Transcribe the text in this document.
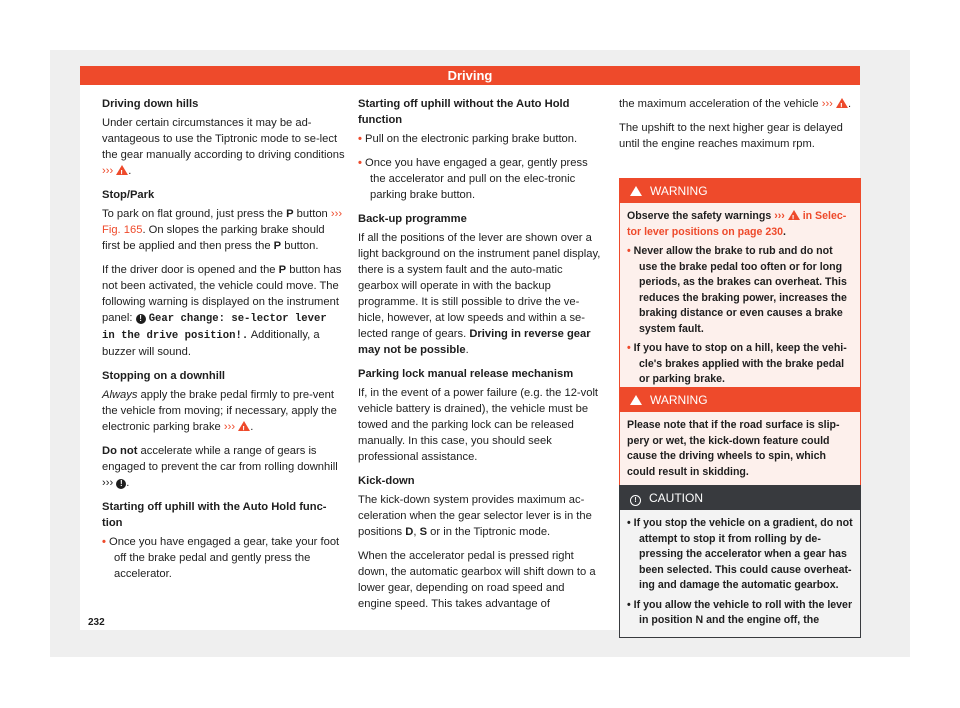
Driving

Driving down hills

Under certain circumstances it may be ad-vantageous to use the Tiptronic mode to se-lect the gear manually according to driving conditions ››› ! .

Stop/Park

To park on flat ground, just press the P button ››› Fig. 165. On slopes the parking brake should first be applied and then press the P button.

If the driver door is opened and the P button has not been activated, the vehicle could move. The following warning is displayed on the instrument panel: ! Gear change: se-lector lever in the drive position!. Additionally, a buzzer will sound.

Stopping on a downhill

Always apply the brake pedal firmly to pre-vent the vehicle from moving; if necessary, apply the electronic parking brake ››› ! .

Do not accelerate while a range of gears is engaged to prevent the car from rolling downhill ››› ! .

Starting off uphill with the Auto Hold func-tion

• Once you have engaged a gear, take your foot off the brake pedal and gently press the accelerator.

Starting off uphill without the Auto Hold function

• Pull on the electronic parking brake button.

• Once you have engaged a gear, gently press the accelerator and pull on the elec-tronic parking brake button.

Back-up programme

If all the positions of the lever are shown over a light background on the instrument panel display, there is a system fault and the auto-matic gearbox will operate in with the backup programme. It is still possible to drive the ve-hicle, however, at low speeds and within a se-lected range of gears. Driving in reverse gear may not be possible.

Parking lock manual release mechanism

If, in the event of a power failure (e.g. the 12-volt vehicle battery is drained), the vehicle must be towed and the parking lock can be released manually. In this case, you should seek professional assistance.

Kick-down

The kick-down system provides maximum ac-celeration when the gear selector lever is in the positions D, S or in the Tiptronic mode.

When the accelerator pedal is pressed right down, the automatic gearbox will shift down to a lower gear, depending on road speed and engine speed. This takes advantage of

the maximum acceleration of the vehicle ››› ! .

The upshift to the next higher gear is delayed until the engine reaches maximum rpm.

WARNING

Observe the safety warnings ››› ! in Selec-tor lever positions on page 230.

• Never allow the brake to rub and do not use the brake pedal too often or for long periods, as the brakes can overheat. This reduces the braking power, increases the braking distance or even causes a brake system fault.

• If you have to stop on a hill, keep the vehi-cle's brakes applied with the brake pedal or parking brake.

WARNING

Please note that if the road surface is slip-pery or wet, the kick-down feature could cause the driving wheels to spin, which could result in skidding.

! CAUTION

• If you stop the vehicle on a gradient, do not attempt to stop it from rolling by de-pressing the accelerator when a gear has been selected. This could cause overheat-ing and damage the automatic gearbox.

• If you allow the vehicle to roll with the lever in position N and the engine off, the

232
